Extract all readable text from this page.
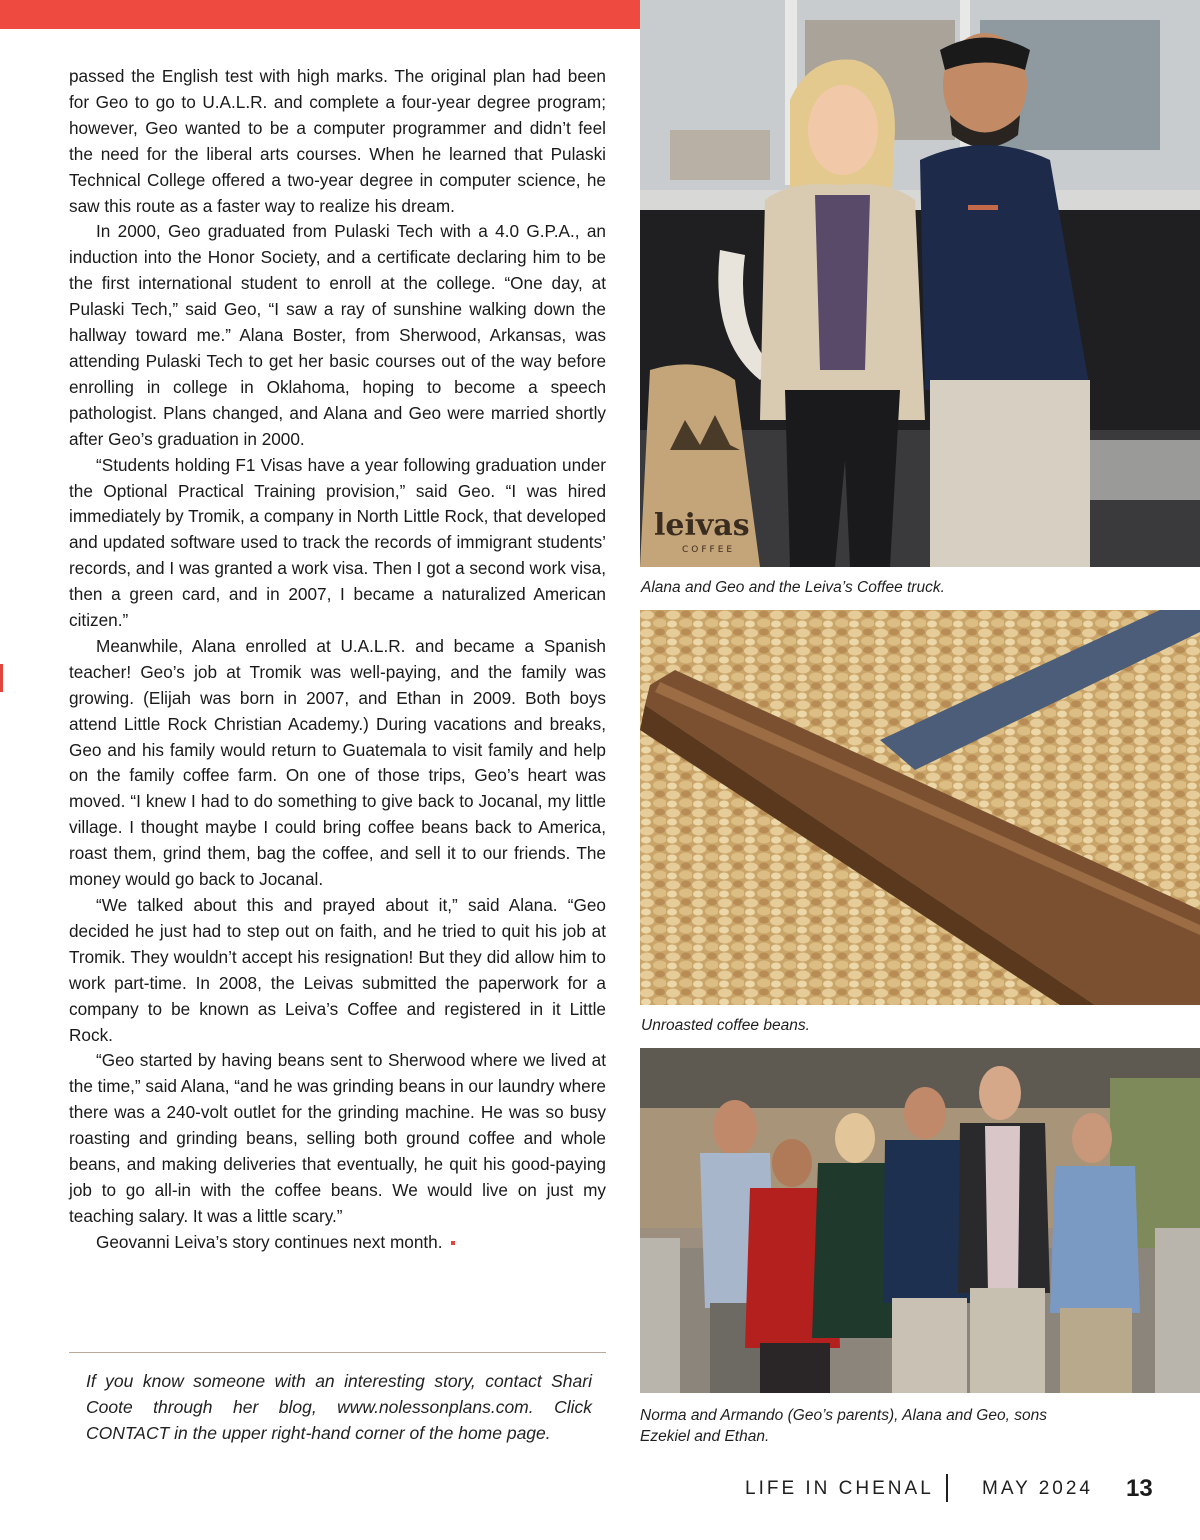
passed the English test with high marks. The original plan had been for Geo to go to U.A.L.R. and complete a four-year degree program; however, Geo wanted to be a computer programmer and didn’t feel the need for the liberal arts courses. When he learned that Pulaski Technical College offered a two-year degree in computer science, he saw this route as a faster way to realize his dream.

In 2000, Geo graduated from Pulaski Tech with a 4.0 G.P.A., an induction into the Honor Society, and a certificate declaring him to be the first international student to enroll at the college. “One day, at Pulaski Tech,” said Geo, “I saw a ray of sunshine walking down the hallway toward me.” Alana Boster, from Sherwood, Arkansas, was attending Pulaski Tech to get her basic courses out of the way before enrolling in college in Oklahoma, hoping to become a speech pathologist. Plans changed, and Alana and Geo were married shortly after Geo’s graduation in 2000.

“Students holding F1 Visas have a year following graduation under the Optional Practical Training provision,” said Geo. “I was hired immediately by Tromik, a company in North Little Rock, that developed and updated software used to track the records of immigrant students’ records, and I was granted a work visa. Then I got a second work visa, then a green card, and in 2007, I became a naturalized American citizen.”

Meanwhile, Alana enrolled at U.A.L.R. and became a Spanish teacher! Geo’s job at Tromik was well-paying, and the family was growing. (Elijah was born in 2007, and Ethan in 2009. Both boys attend Little Rock Christian Academy.) During vacations and breaks, Geo and his family would return to Guatemala to visit family and help on the family coffee farm. On one of those trips, Geo’s heart was moved. “I knew I had to do something to give back to Jocanal, my little village. I thought maybe I could bring coffee beans back to America, roast them, grind them, bag the coffee, and sell it to our friends. The money would go back to Jocanal.

“We talked about this and prayed about it,” said Alana. “Geo decided he just had to step out on faith, and he tried to quit his job at Tromik. They wouldn’t accept his resignation! But they did allow him to work part-time. In 2008, the Leivas submitted the paperwork for a company to be known as Leiva’s Coffee and registered in it Little Rock.

“Geo started by having beans sent to Sherwood where we lived at the time,” said Alana, “and he was grinding beans in our laundry where there was a 240-volt outlet for the grinding machine. He was so busy roasting and grinding beans, selling both ground coffee and whole beans, and making deliveries that eventually, he quit his good-paying job to go all-in with the coffee beans. We would live on just my teaching salary. It was a little scary.”

Geovanni Leiva’s story continues next month.

If you know someone with an interesting story, contact Shari Coote through her blog, www.nolessonplans.com. Click CONTACT in the upper right-hand corner of the home page.
leivas
COFFEE
Alana and Geo and the Leiva’s Coffee truck.
Unroasted coffee beans.
Norma and Armando (Geo’s parents), Alana and Geo, sons
Ezekiel and Ethan.
LIFE IN CHENAL	MAY 2024 13
